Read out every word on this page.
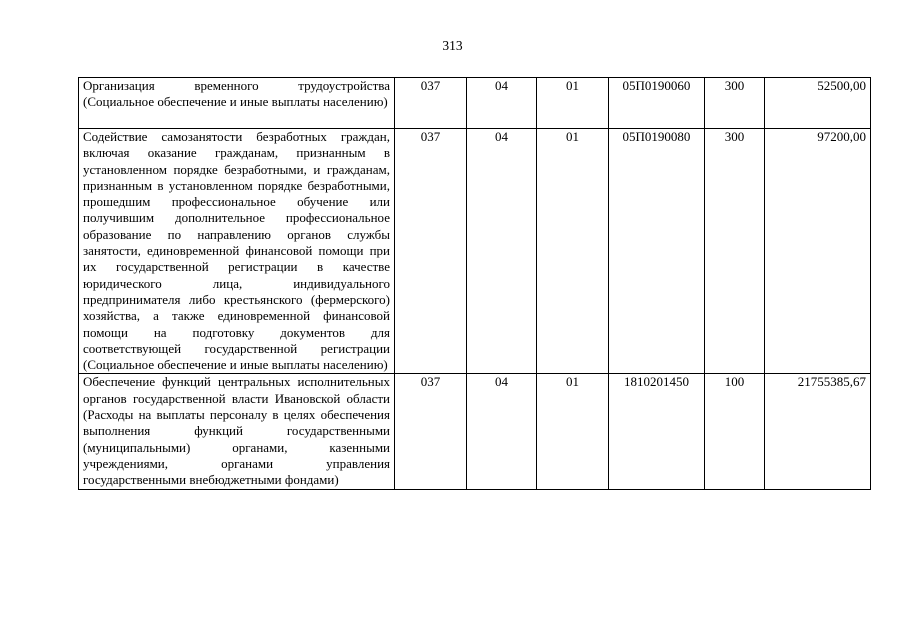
313
Организация временного трудоустройства (Социальное обеспечение и иные выплаты населению)	037	04	01	05П0190060	300	52500,00
Содействие самозанятости безработных граждан, включая оказание гражданам, признанным в установленном порядке безработными, и гражданам, признанным в установленном порядке безработными, прошедшим профессиональное обучение или получившим дополнительное профессиональное образование по направлению органов службы занятости, единовременной финансовой помощи при их государственной регистрации в качестве юридического лица, индивидуального предпринимателя либо крестьянского (фермерского) хозяйства, а также единовременной финансовой помощи на подготовку документов для соответствующей государственной регистрации (Социальное обеспечение и иные выплаты населению)	037	04	01	05П0190080	300	97200,00
Обеспечение функций центральных исполнительных органов государственной власти Ивановской области (Расходы на выплаты персоналу в целях обеспечения выполнения функций государственными (муниципальными) органами, казенными учреждениями, органами управления государственными внебюджетными фондами)	037	04	01	1810201450	100	21755385,67
